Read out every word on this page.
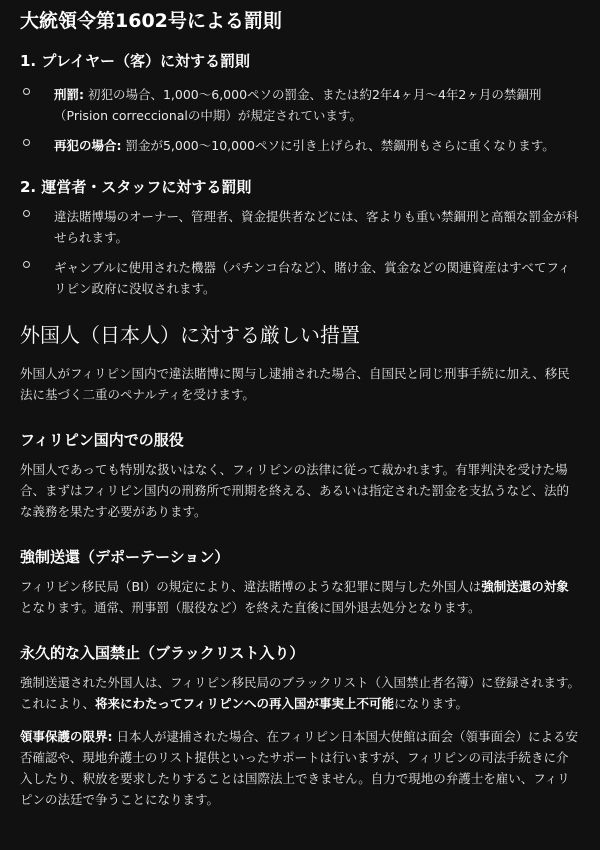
大統領令第1602号による罰則
1. プレイヤー（客）に対する罰則
刑罰: 初犯の場合、1,000〜6,000ペソの罰金、または約2年4ヶ月〜4年2ヶ月の禁錮刑（Prision correccionalの中期）が規定されています。
再犯の場合: 罰金が5,000〜10,000ペソに引き上げられ、禁錮刑もさらに重くなります。
2. 運営者・スタッフに対する罰則
違法賭博場のオーナー、管理者、資金提供者などには、客よりも重い禁錮刑と高額な罰金が科せられます。
ギャンブルに使用された機器（パチンコ台など）、賭け金、賞金などの関連資産はすべてフィリピン政府に没収されます。
外国人（日本人）に対する厳しい措置

外国人がフィリピン国内で違法賭博に関与し逮捕された場合、自国民と同じ刑事手続に加え、移民法に基づく二重のペナルティを受けます。

フィリピン国内での服役

外国人であっても特別な扱いはなく、フィリピンの法律に従って裁かれます。有罪判決を受けた場合、まずはフィリピン国内の刑務所で刑期を終える、あるいは指定された罰金を支払うなど、法的な義務を果たす必要があります。

強制送還（デポーテーション）

フィリピン移民局（BI）の規定により、違法賭博のような犯罪に関与した外国人は強制送還の対象となります。通常、刑事罰（服役など）を終えた直後に国外退去処分となります。

永久的な入国禁止（ブラックリスト入り）

強制送還された外国人は、フィリピン移民局のブラックリスト（入国禁止者名簿）に登録されます。これにより、将来にわたってフィリピンへの再入国が事実上不可能になります。

領事保護の限界: 日本人が逮捕された場合、在フィリピン日本国大使館は面会（領事面会）による安否確認や、現地弁護士のリスト提供といったサポートは行いますが、フィリピンの司法手続きに介入したり、釈放を要求したりすることは国際法上できません。自力で現地の弁護士を雇い、フィリピンの法廷で争うことになります。
